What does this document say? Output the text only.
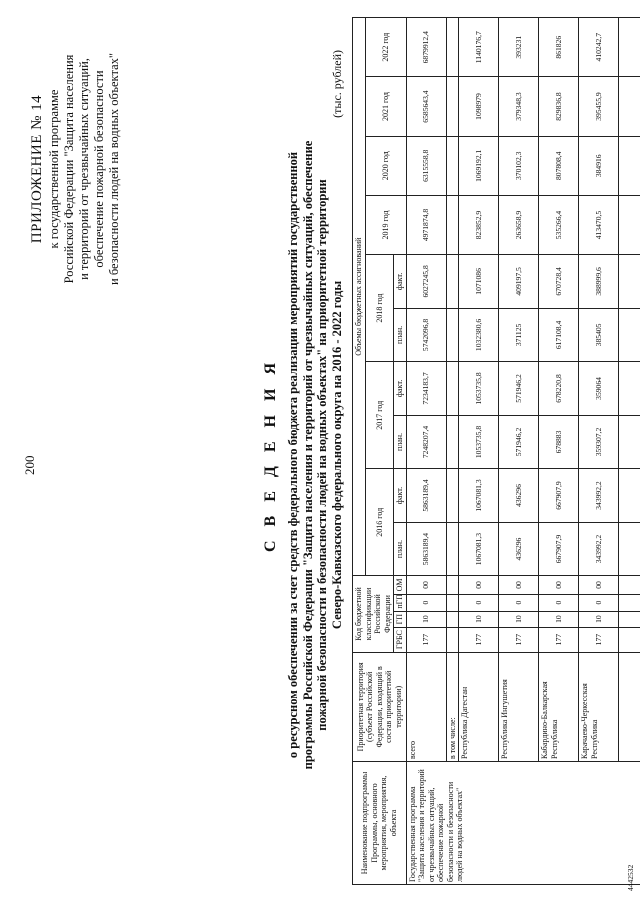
200
ПРИЛОЖЕНИЕ № 14 к государственной программе Российской Федерации "Защита населения и территорий от чрезвычайных ситуаций, обеспечение пожарной безопасности и безопасности людей на водных объектах"
С В Е Д Е Н И Я о ресурсном обеспечении за счет средств федерального бюджета реализации мероприятий государственной программы Российской Федерации "Защита населения и территорий от чрезвычайных ситуаций, обеспечение пожарной безопасности и безопасности людей на водных объектах" на приоритетной территории Северо-Кавказского федерального округа на 2016 - 2022 годы
(тыс. рублей)
Наименование подпрограммы Программы, основного мероприятия, мероприятия, объекта	Приоритетная территория (субъект Российской Федерации, входящий в состав приоритетной территории)	Код бюджетной классификации Российской Федерации				Объемы бюджетных ассигнований									
						2016 год		2017 год		2018 год		2019 год	2020 год	2021 год	2022 год
		ГРБС	ГП	пГП	ОМ	план.	факт.	план.	факт.	план.	факт.				
Государственная программа "Защита населения и территорий от чрезвычайных ситуаций, обеспечение пожарной безопасности и безопасности людей на водных объектах"	всего	177	10	0	00	5863189,4	5863189,4	7248207,4	7234183,7	5742096,8	6027245,8	4971874,8	6315558,8	6585643,4	6879912,4
	в том числе:														
	Республика Дагестан	177	10	0	00	1067081,3	1067081,3	1053735,8	1053735,8	1032380,6	1071086	823852,9	1069192,1	1098979	1140176,7
	Республика Ингушетия	177	10	0	00	436296	436296	571946,2	571946,2	371125	409197,5	263658,9	370102,3	379348,3	393231
	Кабардино-Балкарская Республика	177	10	0	00	667907,9	667907,9	678883	678220,8	617108,4	670728,4	535266,4	807808,4	829836,8	861826
	Карачаево-Черкесская Республика	177	10	0	00	343992,2	343992,2	359307,2	359064	385405	388999,6	413470,5	384916	395455,9	410242,7

4442532
